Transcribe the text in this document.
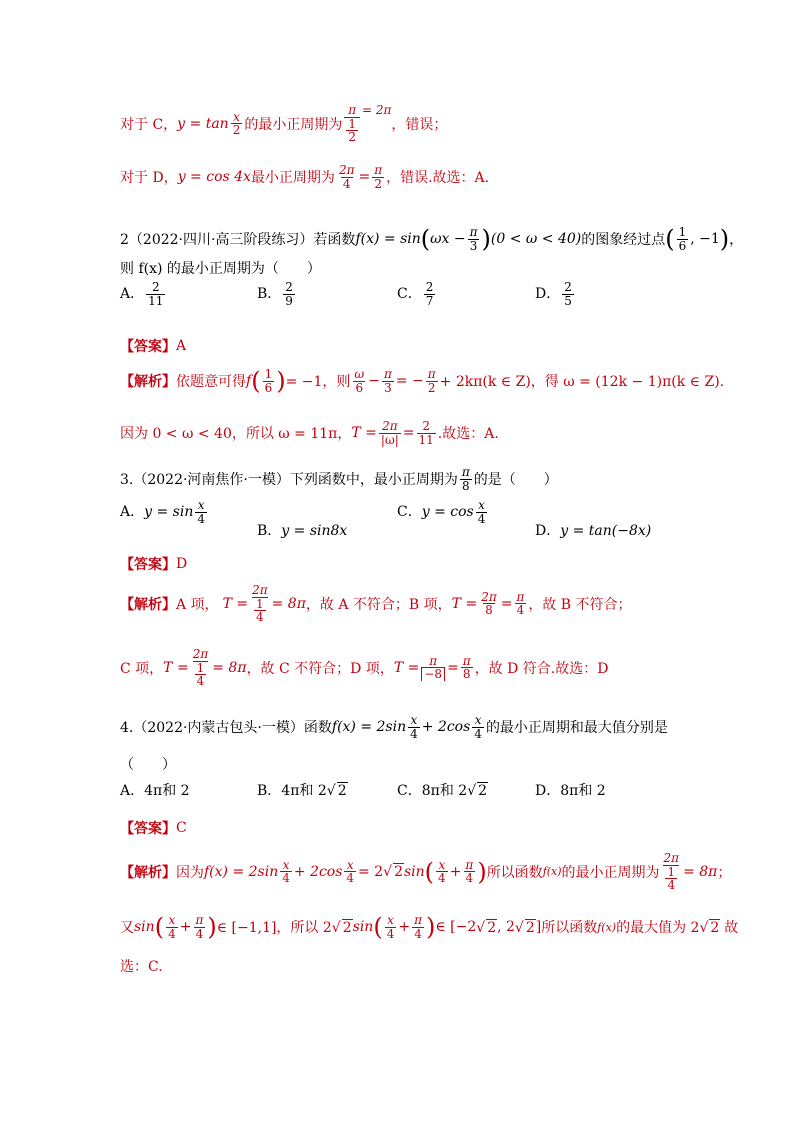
对于 C， $y = \tan \frac{x}{2}$ 的最小正周期为 $\frac{\pi}{\frac{1}{2}} = 2\pi$
，错误；
对于 D， y = cos 4x 最小正周期为 $\frac{2\pi}{4} = \frac{\pi}{2}$ ，错误.故选：A.
2（2022·四川·高三阶段练习）若函数 f(x) = sin ( $\omega x - \frac{\pi}{3}$ ) (0 < ω < 40) 的图象经过点 ( $\frac{1}{6}$ , −1 ) ，
则 f(x) 的最小正周期为（　　）
A． $\frac{2}{11}$	B． $\frac{2}{9}$	C． $\frac{2}{7}$	D． $\frac{2}{5}$
【答案】 A
【解析】 依题意可得 f ( $\frac{1}{6}$ ) = −1，则 $\frac{\omega}{6} - \frac{\pi}{3}$ = − $\frac{\pi}{2} + 2k\pi(k$ ∈ Z)，得 ω = (12k − 1)π(k ∈ Z).
因为 0 < ω < 40，所以 ω = 11π， $T = \frac{2\pi}{|\omega|} = \frac{2}{11}$ .故选：A.
3.（2022·河南焦作·一模）下列函数中，最小正周期为 $\frac{\pi}{8}$ 的是（　　）
A．$y = \sin \frac{x}{4}$
B．y = sin8x
C．$y = \cos \frac{x}{4}$
D．y = tan(−8x)
【答案】 D
【解析】 A 项， $T = \frac{2\pi}{\frac{1}{4}} = 8\pi$ ，故 A 不符合；B 项， $T = \frac{2\pi}{8} = \frac{\pi}{4}$ ，故 B 不符合；
C 项， $T = \frac{2\pi}{\frac{1}{4}} = 8\pi$ ，故 C 不符合；D 项， $T = \frac{\pi}{-8} = \frac{\pi}{8}$ ，故 D 符合.故选：D
4.（2022·内蒙古包头·一模）函数 $f(x) = 2\sin \frac{x}{4} + 2\cos \frac{x}{4}$ 的最小正周期和最大值分别是
（　　）
A．4π和 2	B．4π和 2√ 2	C．8π和 2√ 2	D．8π和 2
【答案】 C
【解析】 因为 $f(x) = 2\sin \frac{x}{4} + 2\cos \frac{x}{4} = 2$ √ 2 sin ( $\frac{x}{4} + \frac{\pi}{4}$ ) 所以函数 f(x) 的最小正周期为 $\frac{2\pi}{\frac{1}{4}} = 8\pi$ ；
又 sin ( $\frac{x}{4} + \frac{\pi}{4}$ ) ∈ [−1,1]，所以 2 √ 2 sin ( $\frac{x}{4} + \frac{\pi}{4}$ ) ∈ [−2 √ 2 , 2 √ 2 ] 所以函数 f(x) 的最大值为 2 √ 2 故
选：C.
